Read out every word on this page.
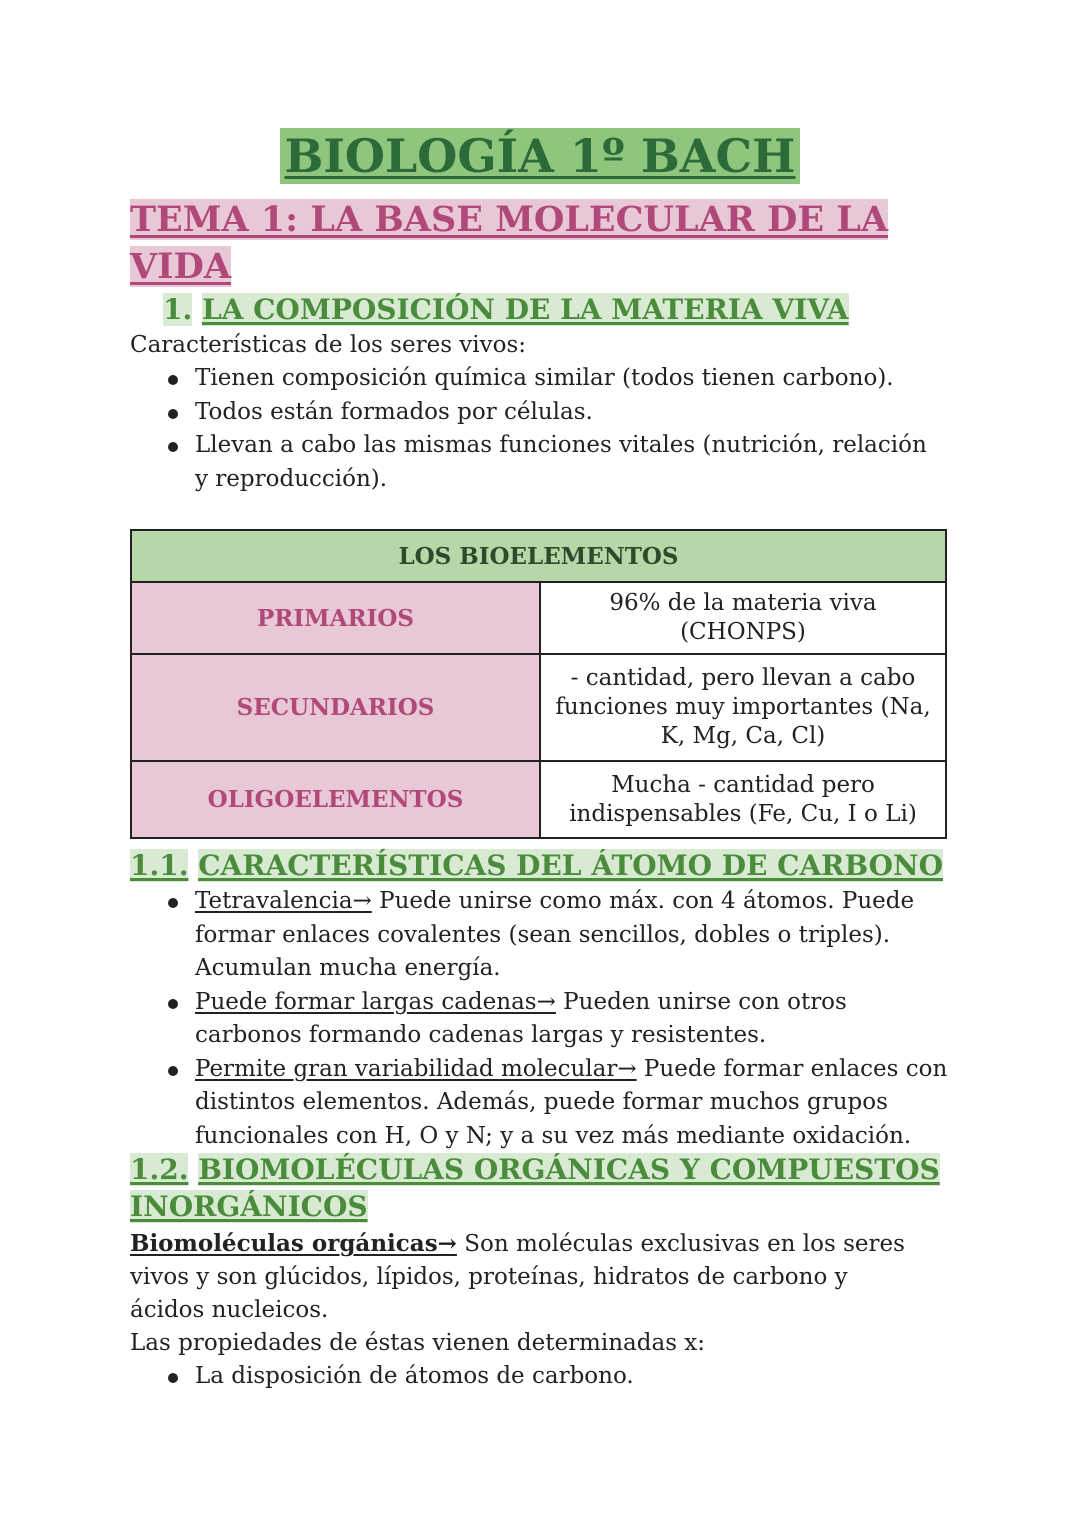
BIOLOGÍA 1º BACH
TEMA 1: LA BASE MOLECULAR DE LA VIDA
1. LA COMPOSICIÓN DE LA MATERIA VIVA
Características de los seres vivos:
Tienen composición química similar (todos tienen carbono).
Todos están formados por células.
Llevan a cabo las mismas funciones vitales (nutrición, relación y reproducción).
LOS BIOELEMENTOS	
PRIMARIOS	96% de la materia viva (CHONPS)
SECUNDARIOS	- cantidad, pero llevan a cabo funciones muy importantes (Na, K, Mg, Ca, Cl)
OLIGOELEMENTOS	Mucha - cantidad pero indispensables (Fe, Cu, I o Li)
1.1. CARACTERÍSTICAS DEL ÁTOMO DE CARBONO
Tetravalencia→ Puede unirse como máx. con 4 átomos. Puede formar enlaces covalentes (sean sencillos, dobles o triples). Acumulan mucha energía.
Puede formar largas cadenas→ Pueden unirse con otros carbonos formando cadenas largas y resistentes.
Permite gran variabilidad molecular→ Puede formar enlaces con distintos elementos. Además, puede formar muchos grupos funcionales con H, O y N; y a su vez más mediante oxidación.
1.2. BIOMOLÉCULAS ORGÁNICAS Y COMPUESTOS
INORGÁNICOS
Biomoléculas orgánicas→ Son moléculas exclusivas en los seres vivos y son glúcidos, lípidos, proteínas, hidratos de carbono y ácidos nucleicos.
Las propiedades de éstas vienen determinadas x:
La disposición de átomos de carbono.
